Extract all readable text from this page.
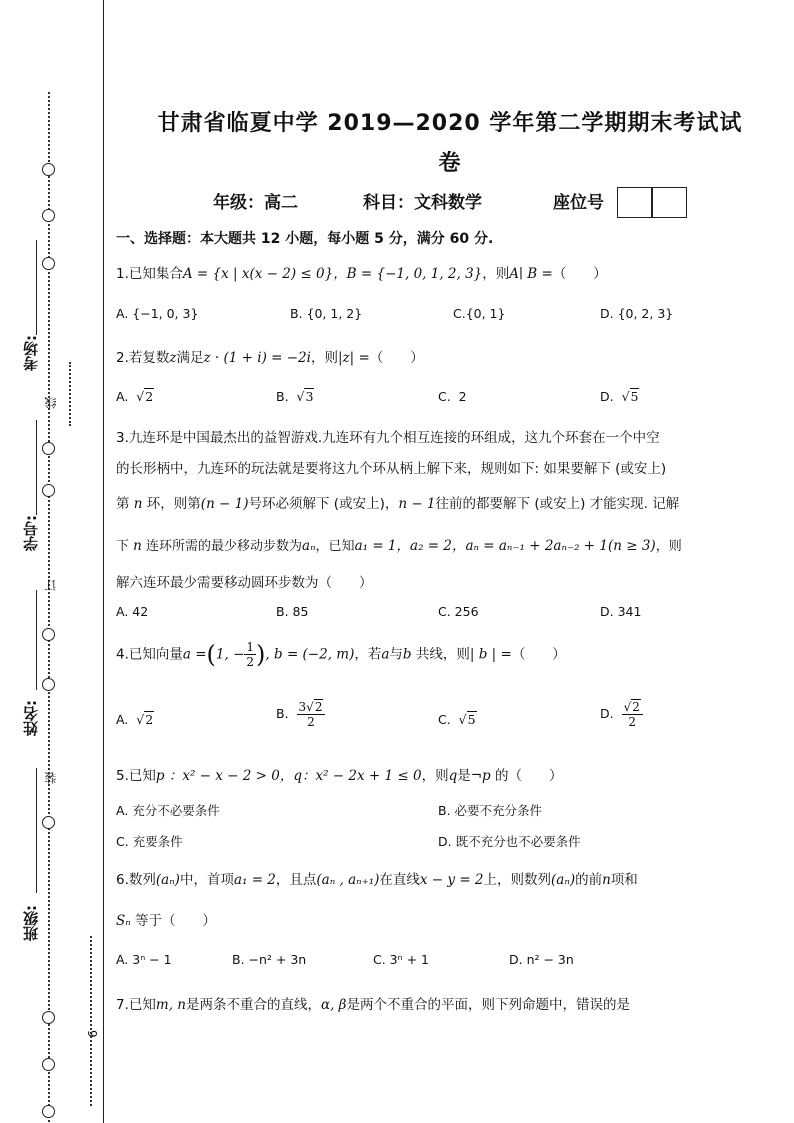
考场:
学号:
姓名:
班级:
线
订
装
6
甘肃省临夏中学 2019—2020 学年第二学期期末考试试
卷
年级：高二	科目：文科数学	座位号
一、选择题：本大题共 12 小题，每小题 5 分，满分 60 分.
1.已知集合A = {x | x(x − 2) ≤ 0}，B = {−1, 0, 1, 2, 3}，则A∣ B =（　　）
A. {−1, 0, 3}	B. {0, 1, 2}	C.{0, 1}	D. {0, 2, 3}
2.若复数z满足z · (1 + i) = −2i，则|z| =（　　）
A. √2	B. √3	C. 2	D. √5
3.九连环是中国最杰出的益智游戏.九连环有九个相互连接的环组成，这九个环套在一个中空
的长形柄中，九连环的玩法就是要将这九个环从柄上解下来，规则如下: 如果要解下 (或安上)
第 n 环，则第(n − 1)号环必须解下 (或安上)，n − 1往前的都要解下 (或安上) 才能实现. 记解
下 n 连环所需的最少移动步数为aₙ，已知a₁ = 1，a₂ = 2，aₙ = aₙ₋₁ + 2aₙ₋₂ + 1(n ≥ 3)，则
解六连环最少需要移动圆环步数为（　　）
A. 42	B. 85	C. 256	D. 341
4.已知向量a =(1, − $\frac{1}{2}$ ), b = (−2, m)，若a与b 共线，则| b | =（　　）
A. √2	B. $\frac{3√2}{2}$	C. √5	D. $\frac{√2}{2}$
5.已知p ：x² − x − 2 > 0，q：x² − 2x + 1 ≤ 0，则q是¬p 的（　　）
A. 充分不必要条件	B. 必要不充分条件
C. 充要条件	D. 既不充分也不必要条件
6.数列(aₙ)中，首项a₁ = 2，且点(aₙ , aₙ₊₁)在直线x − y = 2上，则数列(aₙ)的前n项和
Sₙ 等于（　　）
A. 3ⁿ − 1	B. −n² + 3n	C. 3ⁿ + 1	D. n² − 3n
7.已知m, n是两条不重合的直线，α, β是两个不重合的平面，则下列命题中，错误的是
